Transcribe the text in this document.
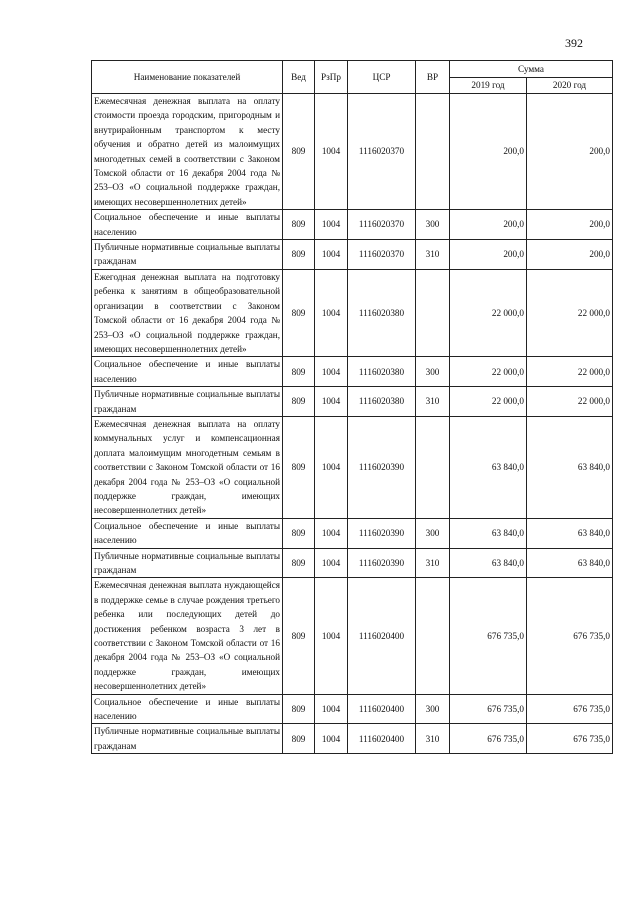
392
Наименование показателей	Вед	РзПр	ЦСР	ВР	Сумма	
					2019 год	2020 год
Ежемесячная денежная выплата на оплату стоимости проезда городским, пригородным и внутрирайонным транспортом к месту обучения и обратно детей из малоимущих многодетных семей в соответствии с Законом Томской области от 16 декабря 2004 года № 253–ОЗ «О социальной поддержке граждан, имеющих несовершеннолетних детей»	809	1004	1116020370		200,0	200,0
Социальное обеспечение и иные выплаты населению	809	1004	1116020370	300	200,0	200,0
Публичные нормативные социальные выплаты гражданам	809	1004	1116020370	310	200,0	200,0
Ежегодная денежная выплата на подготовку ребенка к занятиям в общеобразовательной организации в соответствии с Законом Томской области от 16 декабря 2004 года № 253–ОЗ «О социальной поддержке граждан, имеющих несовершеннолетних детей»	809	1004	1116020380		22 000,0	22 000,0
Социальное обеспечение и иные выплаты населению	809	1004	1116020380	300	22 000,0	22 000,0
Публичные нормативные социальные выплаты гражданам	809	1004	1116020380	310	22 000,0	22 000,0
Ежемесячная денежная выплата на оплату коммунальных услуг и компенсационная доплата малоимущим многодетным семьям в соответствии с Законом Томской области от 16 декабря 2004 года № 253–ОЗ «О социальной поддержке граждан, имеющих несовершеннолетних детей»	809	1004	1116020390		63 840,0	63 840,0
Социальное обеспечение и иные выплаты населению	809	1004	1116020390	300	63 840,0	63 840,0
Публичные нормативные социальные выплаты гражданам	809	1004	1116020390	310	63 840,0	63 840,0
Ежемесячная денежная выплата нуждающейся в поддержке семье в случае рождения третьего ребенка или последующих детей до достижения ребенком возраста 3 лет в соответствии с Законом Томской области от 16 декабря 2004 года № 253–ОЗ «О социальной поддержке граждан, имеющих несовершеннолетних детей»	809	1004	1116020400		676 735,0	676 735,0
Социальное обеспечение и иные выплаты населению	809	1004	1116020400	300	676 735,0	676 735,0
Публичные нормативные социальные выплаты гражданам	809	1004	1116020400	310	676 735,0	676 735,0
